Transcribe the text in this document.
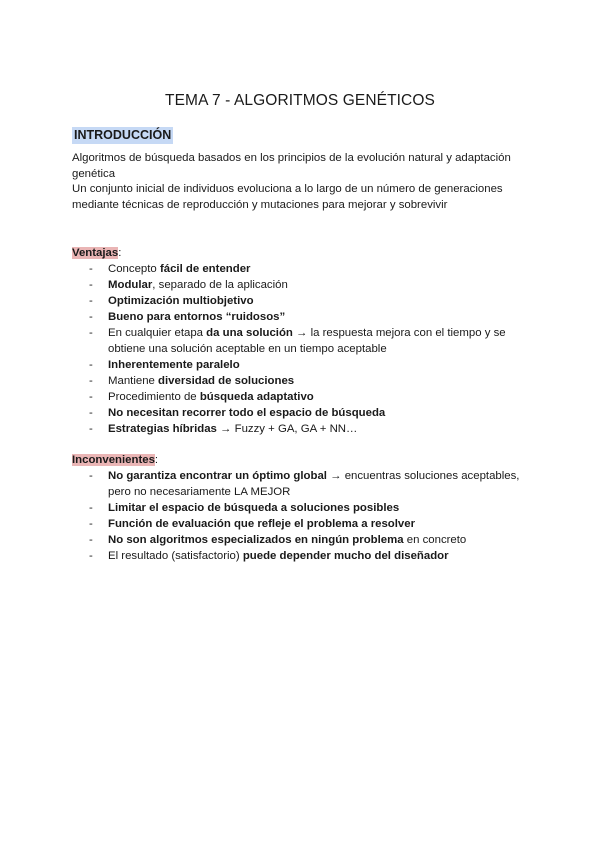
TEMA 7 - ALGORITMOS GENÉTICOS
INTRODUCCIÓN
Algoritmos de búsqueda basados en los principios de la evolución natural y adaptación genética
Un conjunto inicial de individuos evoluciona a lo largo de un número de generaciones mediante técnicas de reproducción y mutaciones para mejorar y sobrevivir
Ventajas:
- Concepto fácil de entender
- Modular, separado de la aplicación
- Optimización multiobjetivo
- Bueno para entornos “ruidosos”
- En cualquier etapa da una solución → la respuesta mejora con el tiempo y se obtiene una solución aceptable en un tiempo aceptable
- Inherentemente paralelo
- Mantiene diversidad de soluciones
- Procedimiento de búsqueda adaptativo
- No necesitan recorrer todo el espacio de búsqueda
- Estrategias híbridas → Fuzzy + GA, GA + NN…
Inconvenientes:
- No garantiza encontrar un óptimo global → encuentras soluciones aceptables, pero no necesariamente LA MEJOR
- Limitar el espacio de búsqueda a soluciones posibles
- Función de evaluación que refleje el problema a resolver
- No son algoritmos especializados en ningún problema en concreto
- El resultado (satisfactorio) puede depender mucho del diseñador
